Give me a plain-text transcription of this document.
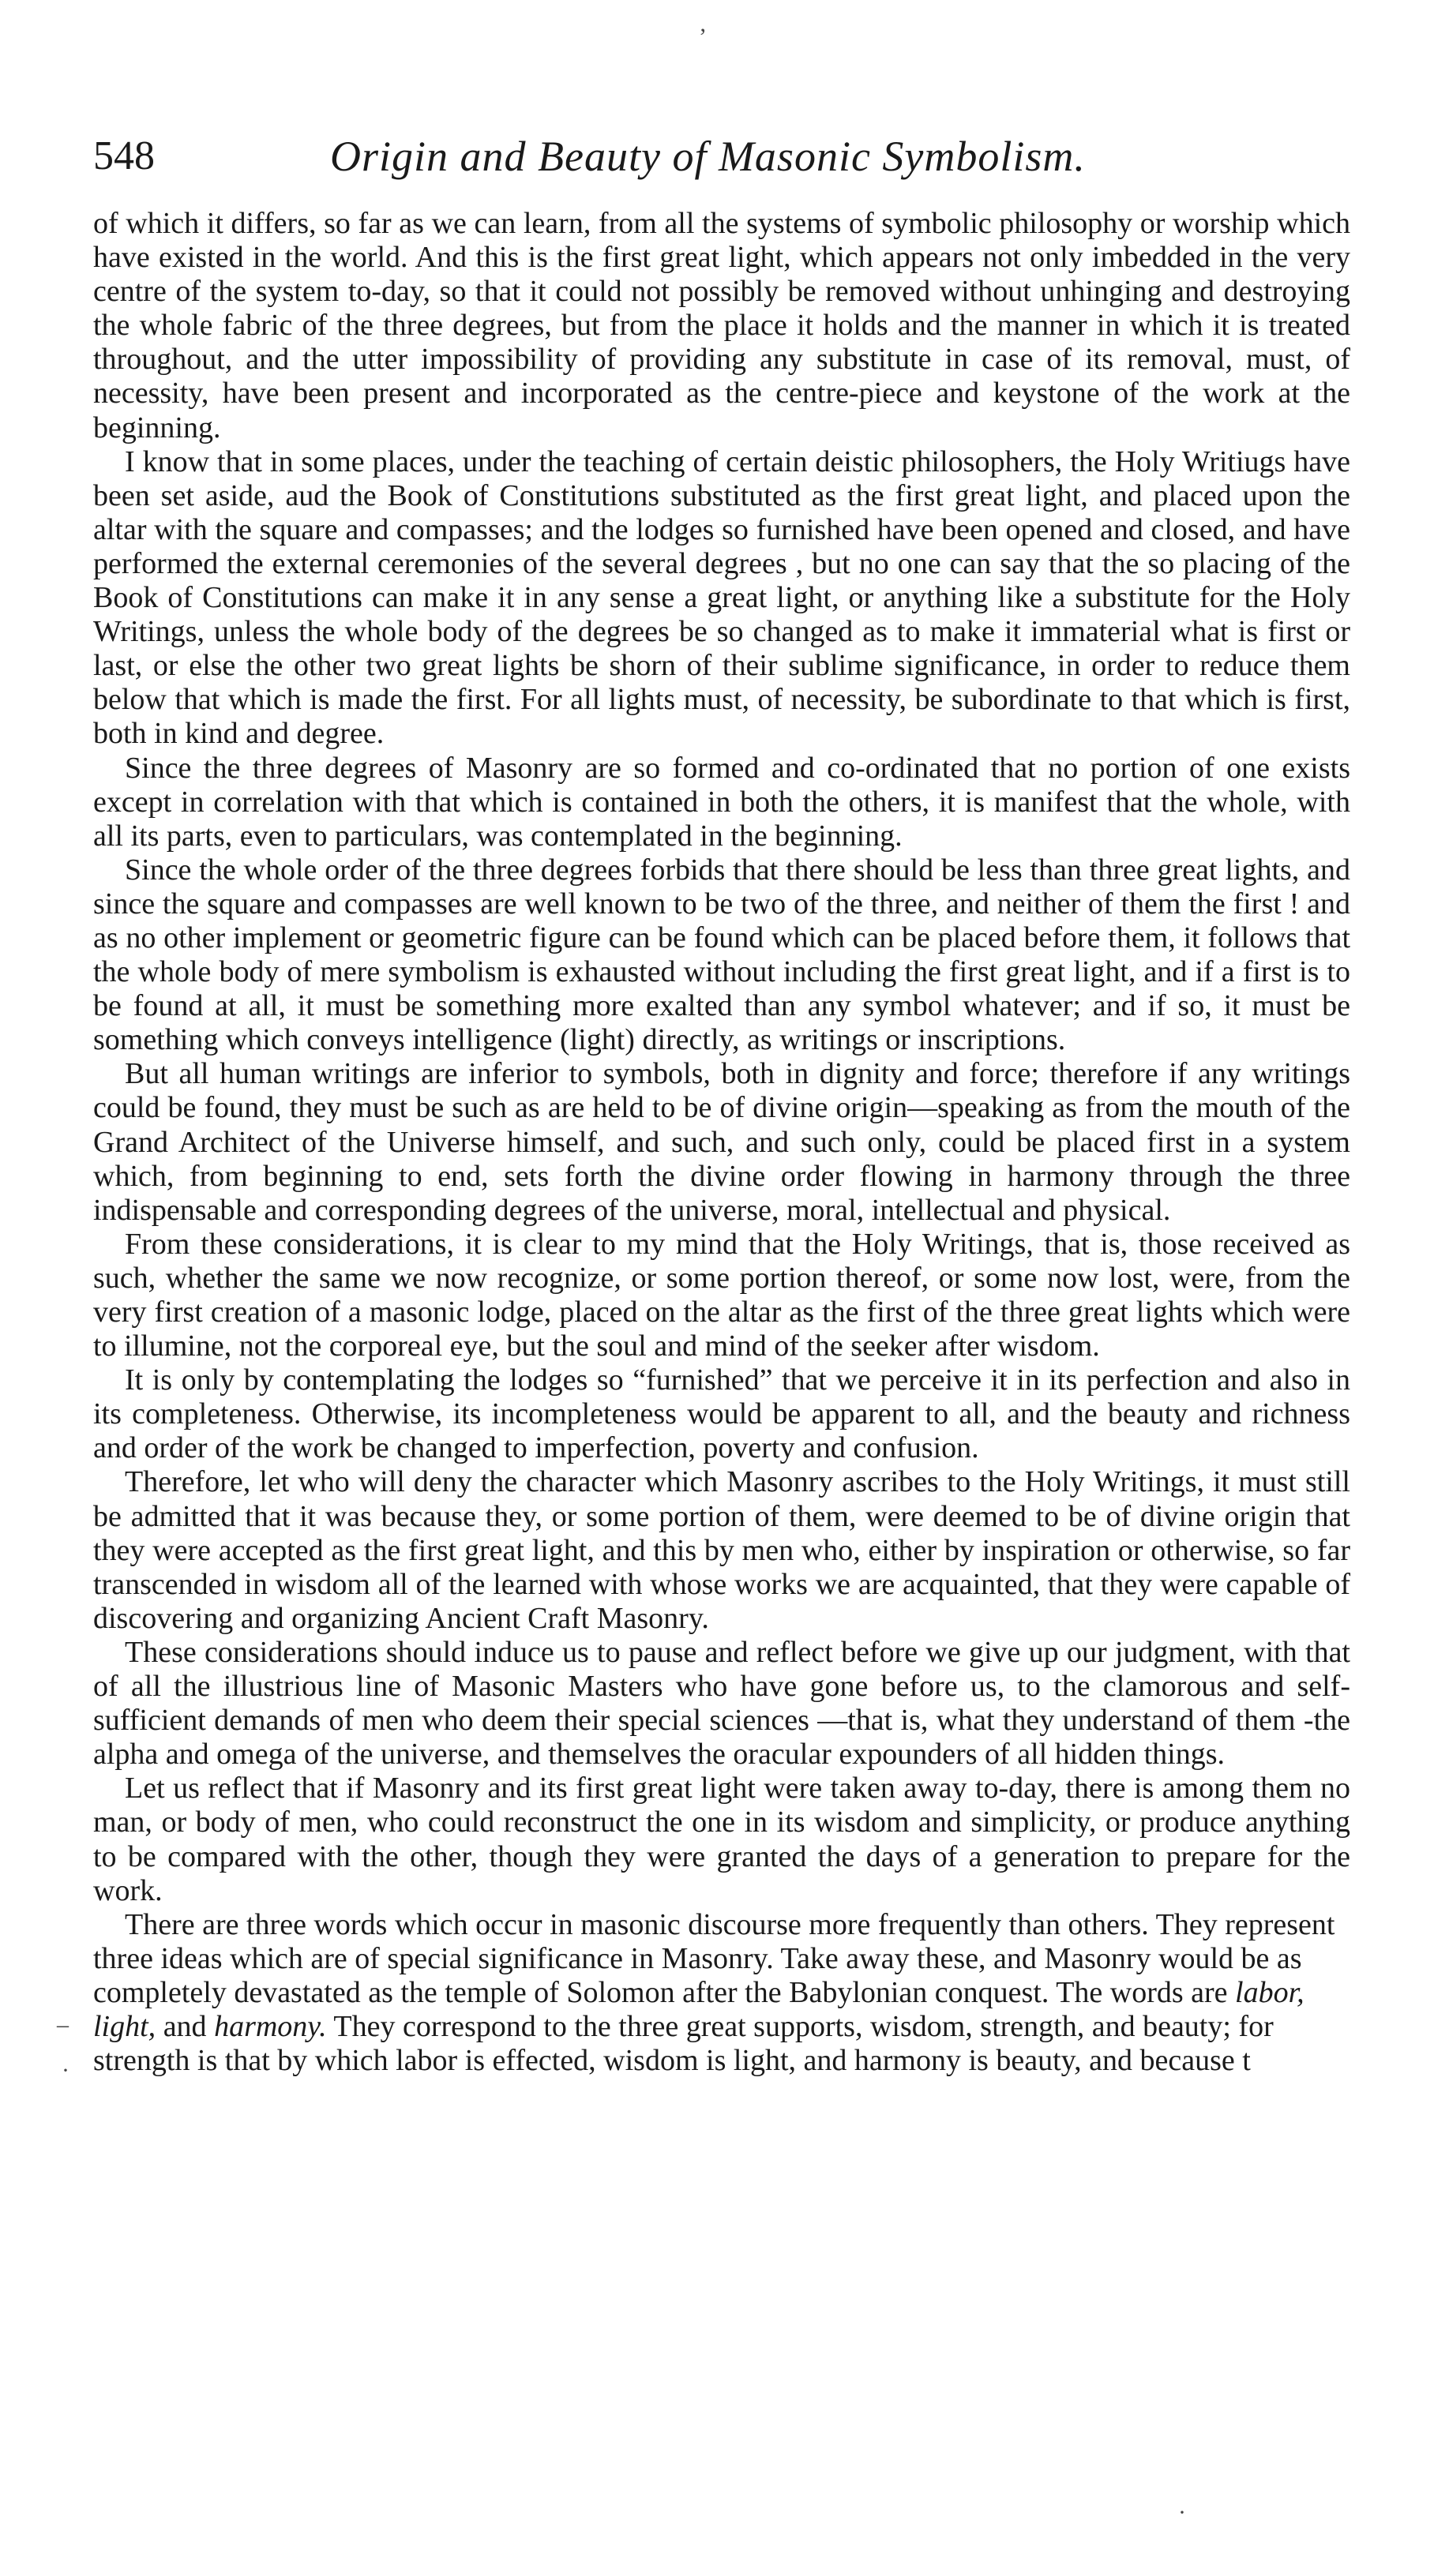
’
–
·
·
548	Origin and Beauty of Masonic Symbolism.

of which it differs, so far as we can learn, from all the systems of symbolic philosophy or worship which have existed in the world. And this is the first great light, which appears not only imbedded in the very centre of the system to-day, so that it could not possibly be removed without unhinging and destroying the whole fabric of the three degrees, but from the place it holds and the manner in which it is treated throughout, and the utter impossibility of providing any substitute in case of its removal, must, of necessity, have been present and incorporated as the centre-piece and keystone of the work at the beginning.

I know that in some places, under the teaching of certain deistic philosophers, the Holy Writiugs have been set aside, aud the Book of Constitutions substituted as the first great light, and placed upon the altar with the square and compasses; and the lodges so furnished have been opened and closed, and have performed the external ceremonies of the several degrees , but no one can say that the so placing of the Book of Constitutions can make it in any sense a great light, or anything like a substitute for the Holy Writings, unless the whole body of the degrees be so changed as to make it immaterial what is first or last, or else the other two great lights be shorn of their sublime significance, in order to reduce them below that which is made the first. For all lights must, of necessity, be subordinate to that which is first, both in kind and degree.

Since the three degrees of Masonry are so formed and co-ordinated that no portion of one exists except in correlation with that which is contained in both the others, it is manifest that the whole, with all its parts, even to particulars, was contemplated in the beginning.

Since the whole order of the three degrees forbids that there should be less than three great lights, and since the square and compasses are well known to be two of the three, and neither of them the first ! and as no other implement or geometric figure can be found which can be placed before them, it follows that the whole body of mere symbolism is exhausted without including the first great light, and if a first is to be found at all, it must be something more exalted than any symbol whatever; and if so, it must be something which conveys intelligence (light) directly, as writings or inscriptions.

But all human writings are inferior to symbols, both in dignity and force; therefore if any writings could be found, they must be such as are held to be of divine origin—speaking as from the mouth of the Grand Architect of the Universe himself, and such, and such only, could be placed first in a system which, from beginning to end, sets forth the divine order flowing in harmony through the three indispensable and corresponding degrees of the universe, moral, intellectual and physical.

From these considerations, it is clear to my mind that the Holy Writings, that is, those received as such, whether the same we now recognize, or some portion thereof, or some now lost, were, from the very first creation of a masonic lodge, placed on the altar as the first of the three great lights which were to illumine, not the corporeal eye, but the soul and mind of the seeker after wisdom.

It is only by contemplating the lodges so “furnished” that we perceive it in its perfection and also in its completeness. Otherwise, its incompleteness would be apparent to all, and the beauty and richness and order of the work be changed to imperfection, poverty and confusion.

Therefore, let who will deny the character which Masonry ascribes to the Holy Writings, it must still be admitted that it was because they, or some portion of them, were deemed to be of divine origin that they were accepted as the first great light, and this by men who, either by inspiration or otherwise, so far transcended in wisdom all of the learned with whose works we are acquainted, that they were capable of discovering and organizing Ancient Craft Masonry.

These considerations should induce us to pause and reflect before we give up our judgment, with that of all the illustrious line of Masonic Masters who have gone before us, to the clamorous and self-sufficient demands of men who deem their special sciences —that is, what they understand of them -the alpha and omega of the universe, and themselves the oracular expounders of all hidden things.

Let us reflect that if Masonry and its first great light were taken away to-day, there is among them no man, or body of men, who could reconstruct the one in its wisdom and simplicity, or produce anything to be compared with the other, though they were granted the days of a generation to prepare for the work.

There are three words which occur in masonic discourse more frequently than others. They represent three ideas which are of special significance in Masonry. Take away these, and Masonry would be as completely devastated as the temple of Solomon after the Babylonian conquest. The words are labor, light, and harmony. They correspond to the three great supports, wisdom, strength, and beauty; for strength is that by which labor is effected, wisdom is light, and harmony is beauty, and because t
